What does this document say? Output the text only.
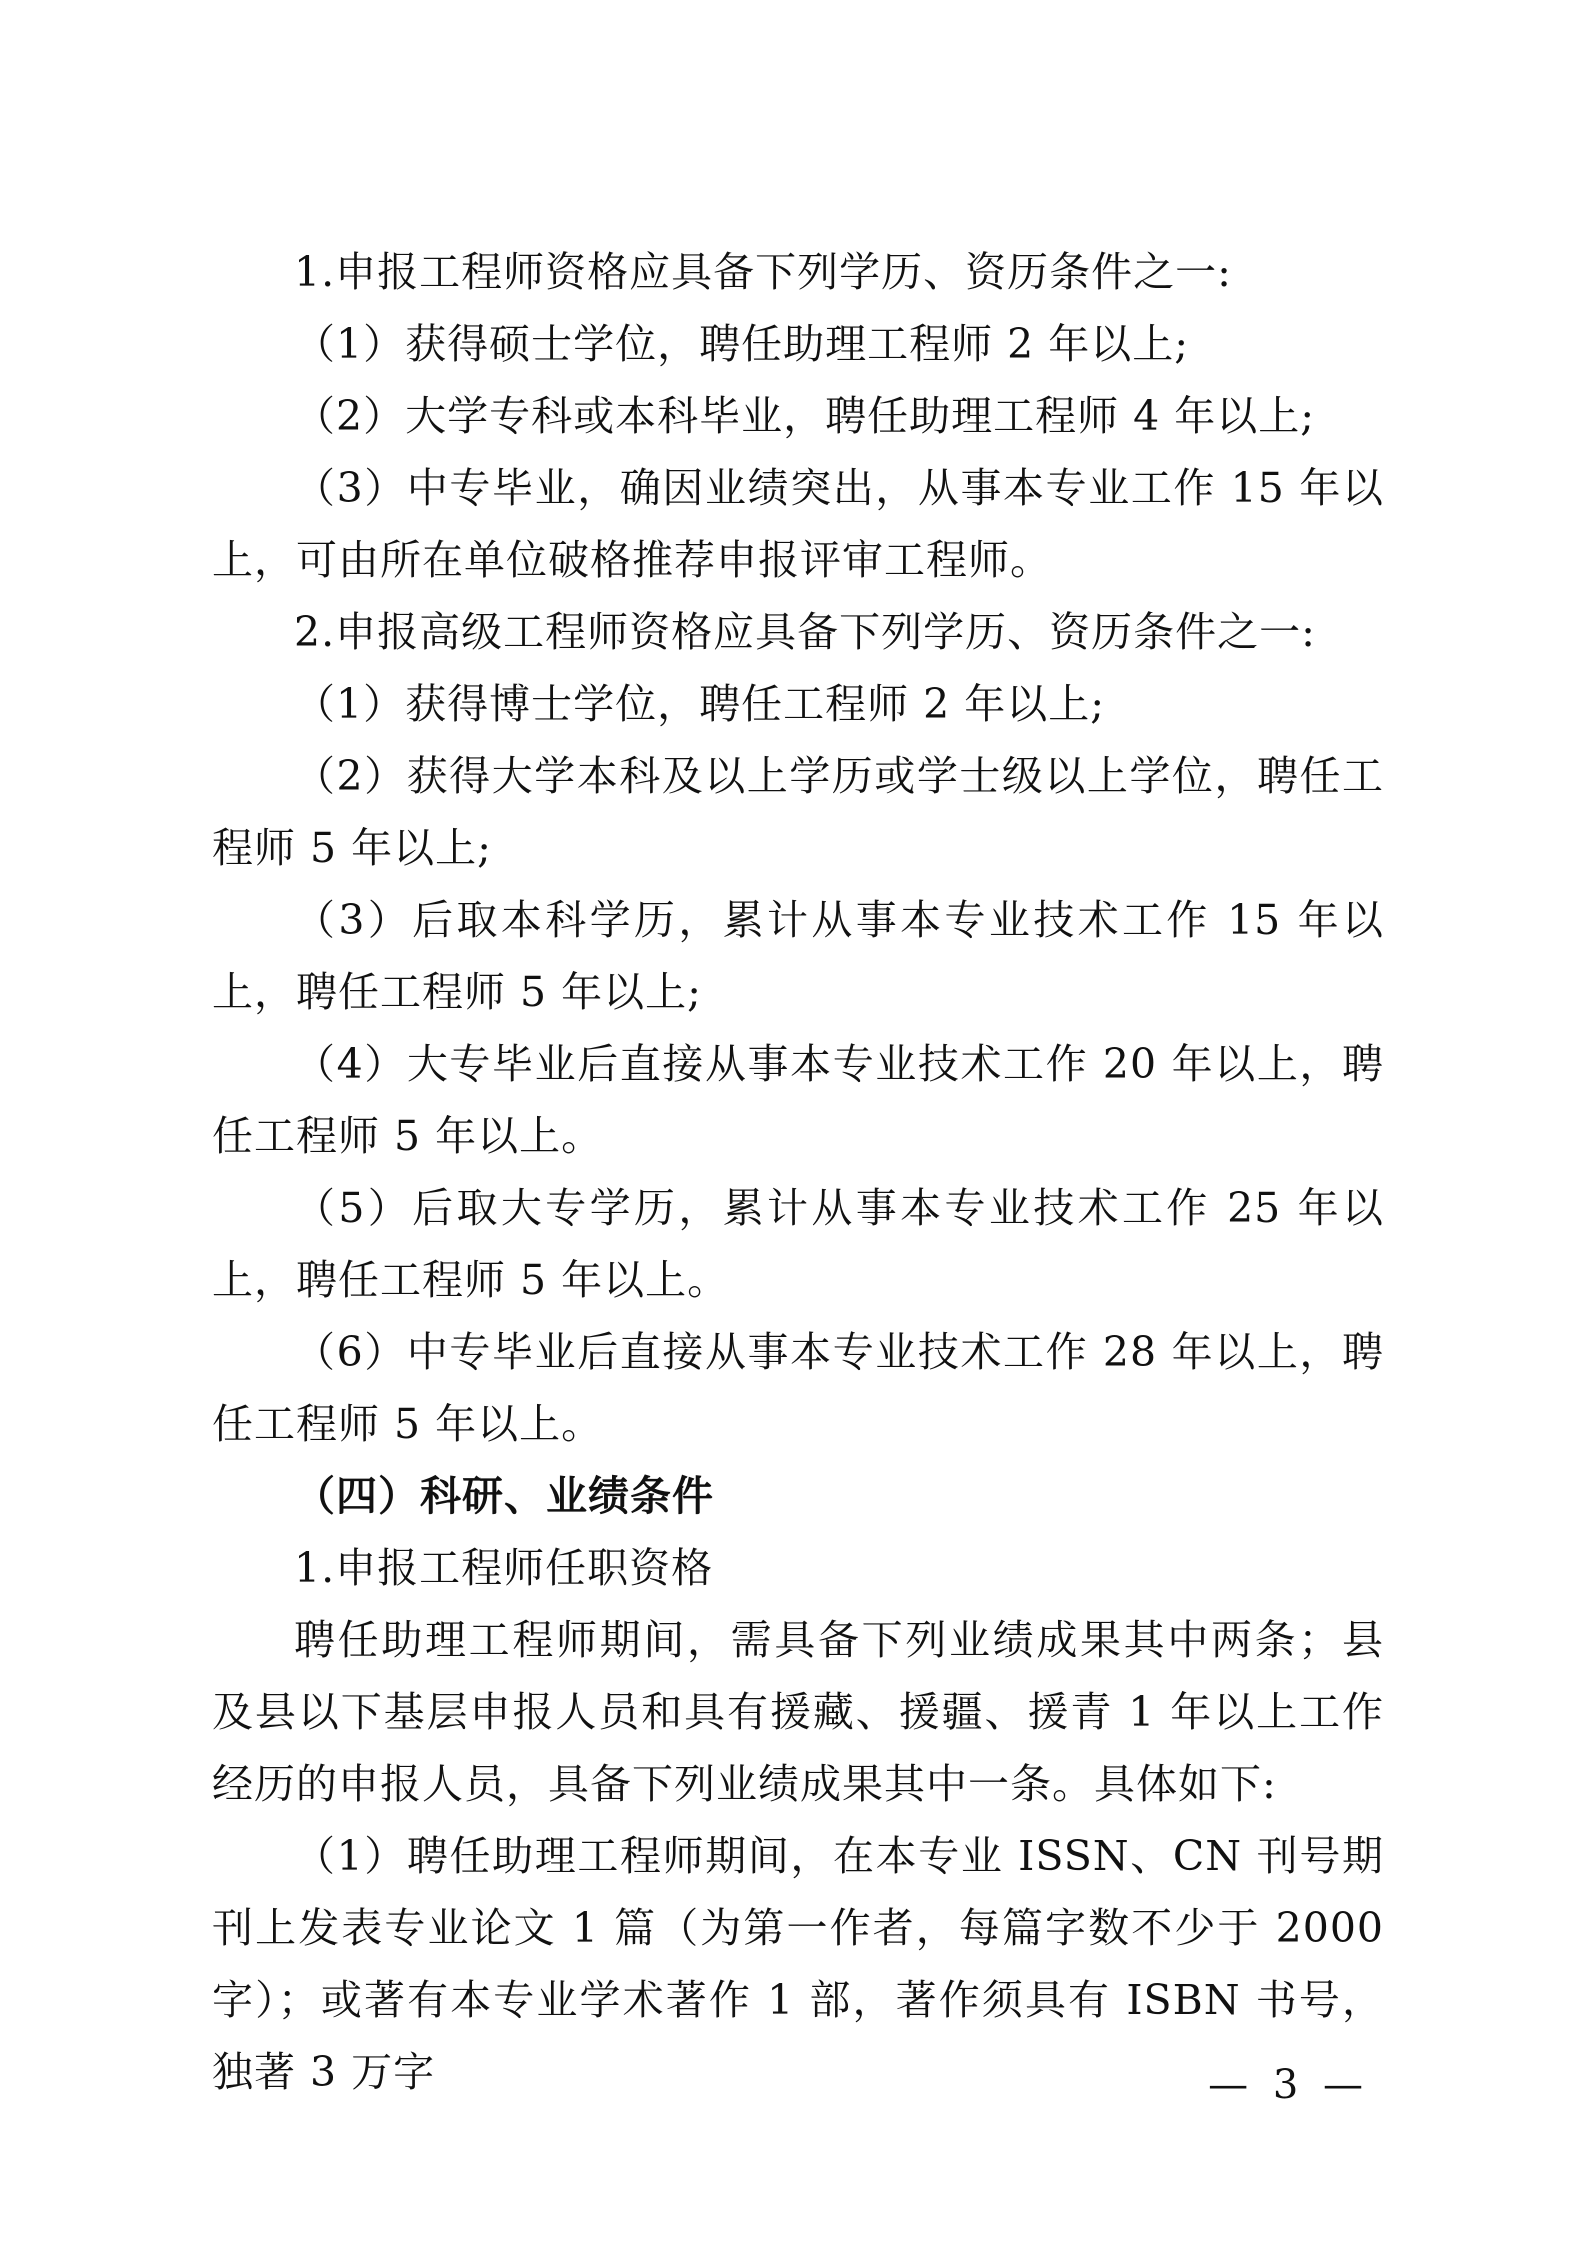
1.申报工程师资格应具备下列学历、资历条件之一:

（1）获得硕士学位，聘任助理工程师 2 年以上;

（2）大学专科或本科毕业，聘任助理工程师 4 年以上;

（3）中专毕业，确因业绩突出，从事本专业工作 15 年以上，可由所在单位破格推荐申报评审工程师。

2.申报高级工程师资格应具备下列学历、资历条件之一:

（1）获得博士学位，聘任工程师 2 年以上;

（2）获得大学本科及以上学历或学士级以上学位，聘任工程师 5 年以上;

（3）后取本科学历，累计从事本专业技术工作 15 年以上，聘任工程师 5 年以上;

（4）大专毕业后直接从事本专业技术工作 20 年以上，聘任工程师 5 年以上。

（5）后取大专学历，累计从事本专业技术工作 25 年以上，聘任工程师 5 年以上。

（6）中专毕业后直接从事本专业技术工作 28 年以上，聘任工程师 5 年以上。

（四）科研、业绩条件

1.申报工程师任职资格

聘任助理工程师期间，需具备下列业绩成果其中两条；县及县以下基层申报人员和具有援藏、援疆、援青 1 年以上工作经历的申报人员，具备下列业绩成果其中一条。具体如下:

（1）聘任助理工程师期间，在本专业 ISSN、CN 刊号期刊上发表专业论文 1 篇（为第一作者，每篇字数不少于 2000 字）；或著有本专业学术著作 1 部，著作须具有 ISBN 书号，独著 3 万字	— 3 —
